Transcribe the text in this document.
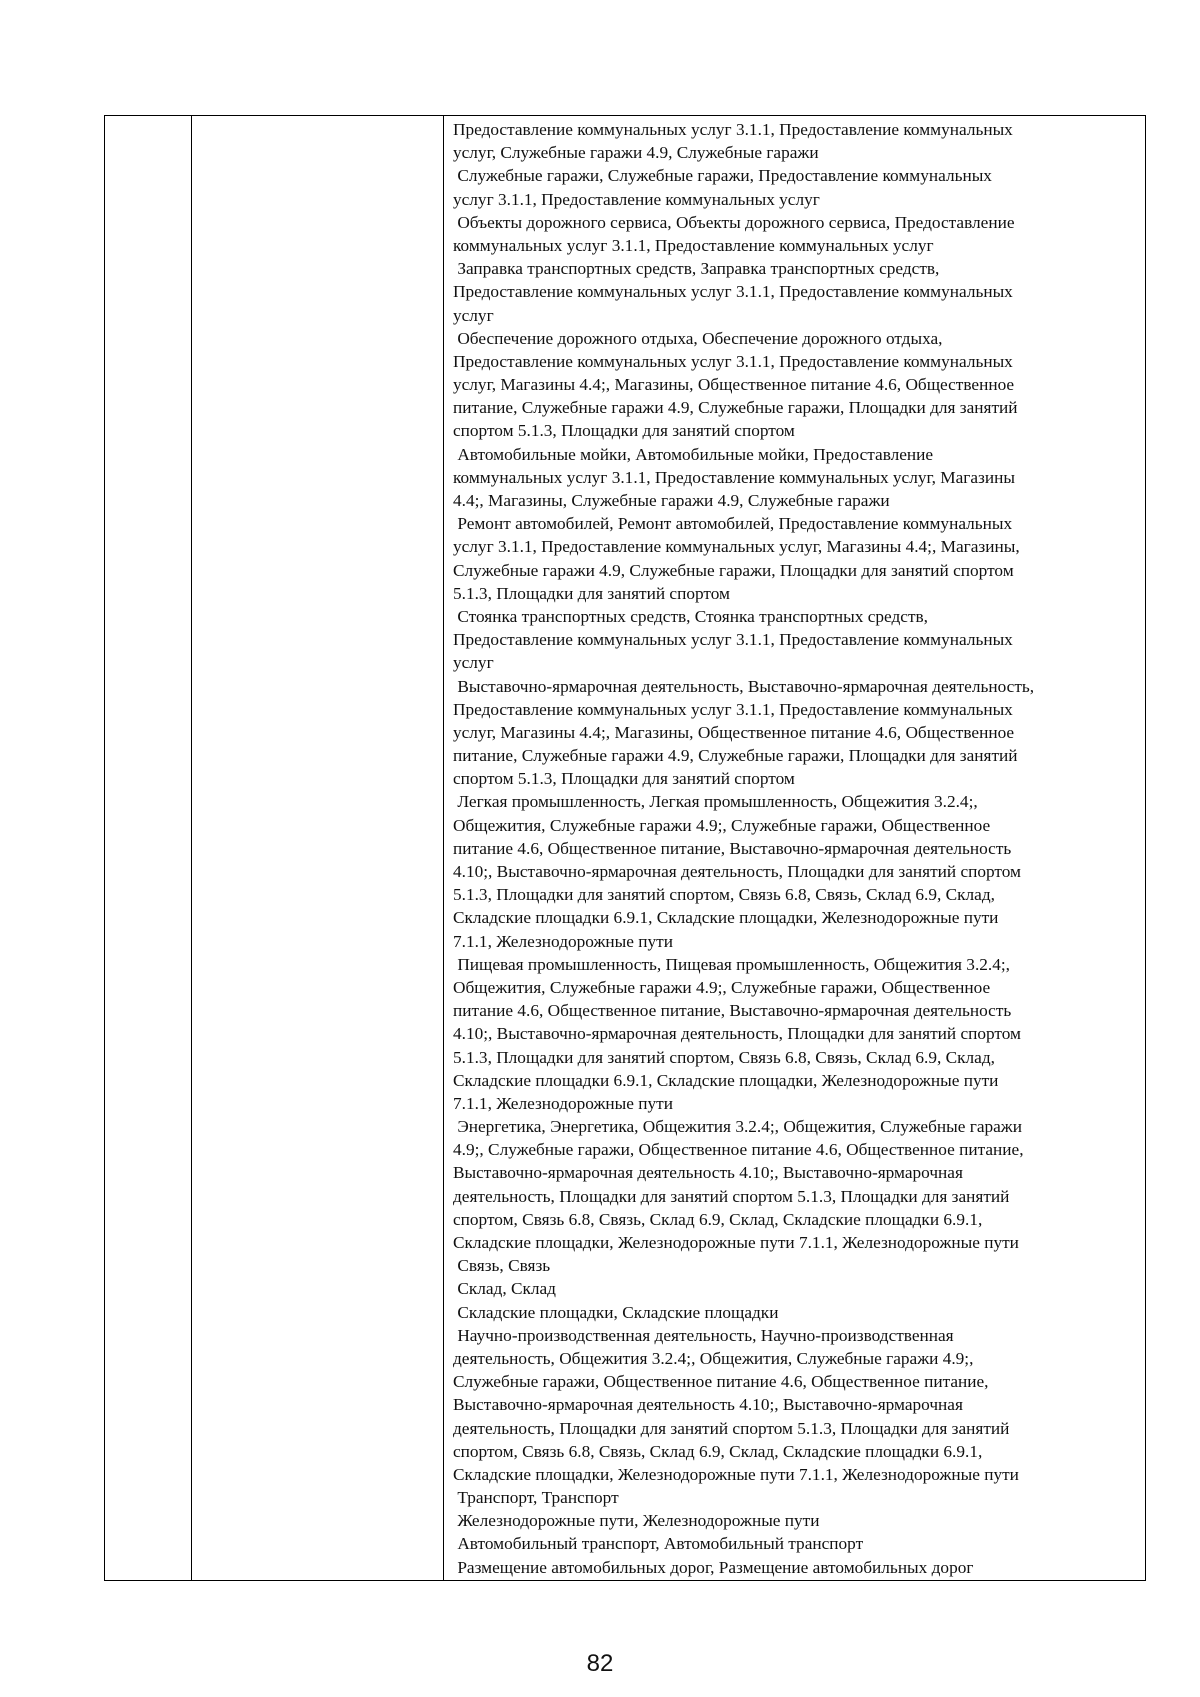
Предоставление коммунальных услуг 3.1.1, Предоставление коммунальных
услуг, Служебные гаражи 4.9, Служебные гаражи
Служебные гаражи, Служебные гаражи, Предоставление коммунальных
услуг 3.1.1, Предоставление коммунальных услуг
Объекты дорожного сервиса, Объекты дорожного сервиса, Предоставление
коммунальных услуг 3.1.1, Предоставление коммунальных услуг
Заправка транспортных средств, Заправка транспортных средств,
Предоставление коммунальных услуг 3.1.1, Предоставление коммунальных
услуг
Обеспечение дорожного отдыха, Обеспечение дорожного отдыха,
Предоставление коммунальных услуг 3.1.1, Предоставление коммунальных
услуг, Магазины 4.4;, Магазины, Общественное питание 4.6, Общественное
питание, Служебные гаражи 4.9, Служебные гаражи, Площадки для занятий
спортом 5.1.3, Площадки для занятий спортом
Автомобильные мойки, Автомобильные мойки, Предоставление
коммунальных услуг 3.1.1, Предоставление коммунальных услуг, Магазины
4.4;, Магазины, Служебные гаражи 4.9, Служебные гаражи
Ремонт автомобилей, Ремонт автомобилей, Предоставление коммунальных
услуг 3.1.1, Предоставление коммунальных услуг, Магазины 4.4;, Магазины,
Служебные гаражи 4.9, Служебные гаражи, Площадки для занятий спортом
5.1.3, Площадки для занятий спортом
Стоянка транспортных средств, Стоянка транспортных средств,
Предоставление коммунальных услуг 3.1.1, Предоставление коммунальных
услуг
Выставочно-ярмарочная деятельность, Выставочно-ярмарочная деятельность,
Предоставление коммунальных услуг 3.1.1, Предоставление коммунальных
услуг, Магазины 4.4;, Магазины, Общественное питание 4.6, Общественное
питание, Служебные гаражи 4.9, Служебные гаражи, Площадки для занятий
спортом 5.1.3, Площадки для занятий спортом
Легкая промышленность, Легкая промышленность, Общежития 3.2.4;,
Общежития, Служебные гаражи 4.9;, Служебные гаражи, Общественное
питание 4.6, Общественное питание, Выставочно-ярмарочная деятельность
4.10;, Выставочно-ярмарочная деятельность, Площадки для занятий спортом
5.1.3, Площадки для занятий спортом, Связь 6.8, Связь, Склад 6.9, Склад,
Складские площадки 6.9.1, Складские площадки, Железнодорожные пути
7.1.1, Железнодорожные пути
Пищевая промышленность, Пищевая промышленность, Общежития 3.2.4;,
Общежития, Служебные гаражи 4.9;, Служебные гаражи, Общественное
питание 4.6, Общественное питание, Выставочно-ярмарочная деятельность
4.10;, Выставочно-ярмарочная деятельность, Площадки для занятий спортом
5.1.3, Площадки для занятий спортом, Связь 6.8, Связь, Склад 6.9, Склад,
Складские площадки 6.9.1, Складские площадки, Железнодорожные пути
7.1.1, Железнодорожные пути
Энергетика, Энергетика, Общежития 3.2.4;, Общежития, Служебные гаражи
4.9;, Служебные гаражи, Общественное питание 4.6, Общественное питание,
Выставочно-ярмарочная деятельность 4.10;, Выставочно-ярмарочная
деятельность, Площадки для занятий спортом 5.1.3, Площадки для занятий
спортом, Связь 6.8, Связь, Склад 6.9, Склад, Складские площадки 6.9.1,
Складские площадки, Железнодорожные пути 7.1.1, Железнодорожные пути
Связь, Связь
Склад, Склад
Складские площадки, Складские площадки
Научно-производственная деятельность, Научно-производственная
деятельность, Общежития 3.2.4;, Общежития, Служебные гаражи 4.9;,
Служебные гаражи, Общественное питание 4.6, Общественное питание,
Выставочно-ярмарочная деятельность 4.10;, Выставочно-ярмарочная
деятельность, Площадки для занятий спортом 5.1.3, Площадки для занятий
спортом, Связь 6.8, Связь, Склад 6.9, Склад, Складские площадки 6.9.1,
Складские площадки, Железнодорожные пути 7.1.1, Железнодорожные пути
Транспорт, Транспорт
Железнодорожные пути, Железнодорожные пути
Автомобильный транспорт, Автомобильный транспорт
Размещение автомобильных дорог, Размещение автомобильных дорог
82
